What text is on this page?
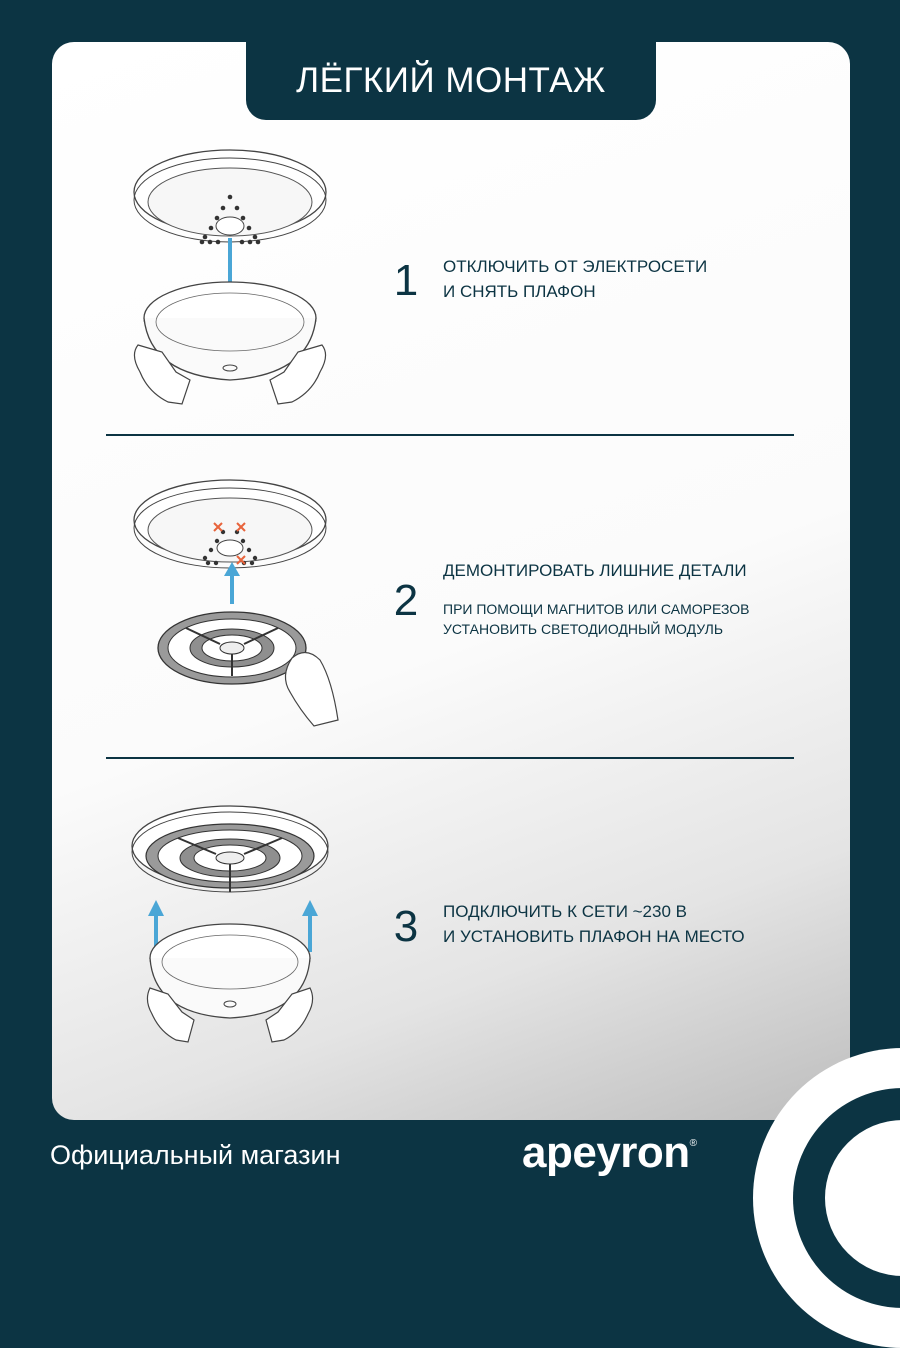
ЛЁГКИЙ МОНТАЖ
1	ОТКЛЮЧИТЬ ОТ ЭЛЕКТРОСЕТИ
И СНЯТЬ ПЛАФОН
2
ДЕМОНТИРОВАТЬ ЛИШНИЕ ДЕТАЛИ
ПРИ ПОМОЩИ МАГНИТОВ ИЛИ САМОРЕЗОВ
УСТАНОВИТЬ СВЕТОДИОДНЫЙ МОДУЛЬ
3	ПОДКЛЮЧИТЬ К СЕТИ ~230 В
И УСТАНОВИТЬ ПЛАФОН НА МЕСТО
Официальный магазин	apeyron®
